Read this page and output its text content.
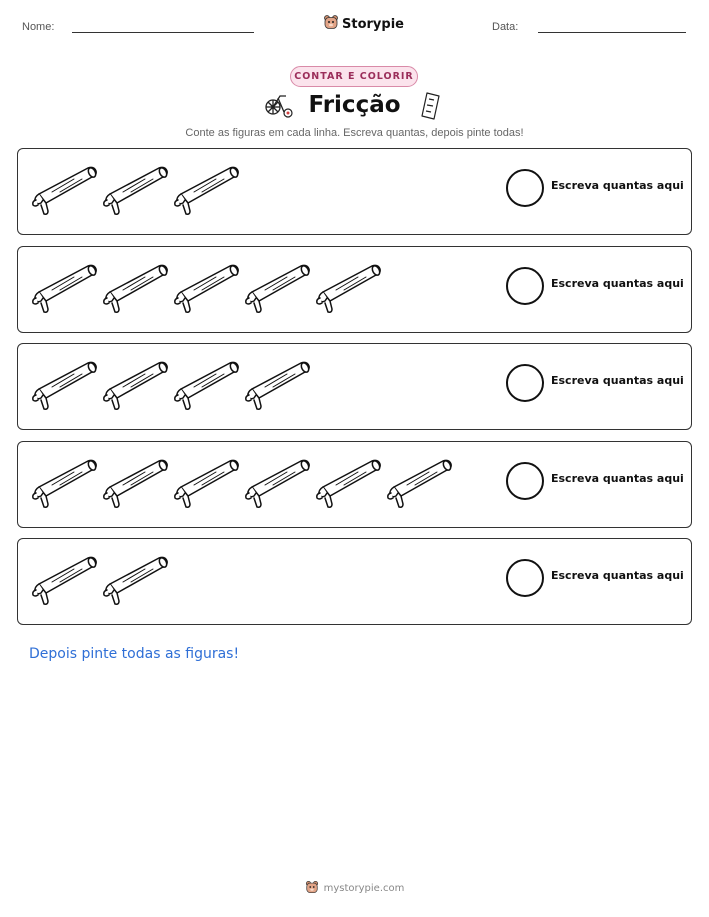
Nome:	Storypie	Data:
CONTAR E COLORIR
Fricção
Conte as figuras em cada linha. Escreva quantas, depois pinte todas!
Escreva quantas aqui
Escreva quantas aqui
Escreva quantas aqui
Escreva quantas aqui
Escreva quantas aqui
Depois pinte todas as figuras!
mystorypie.com
